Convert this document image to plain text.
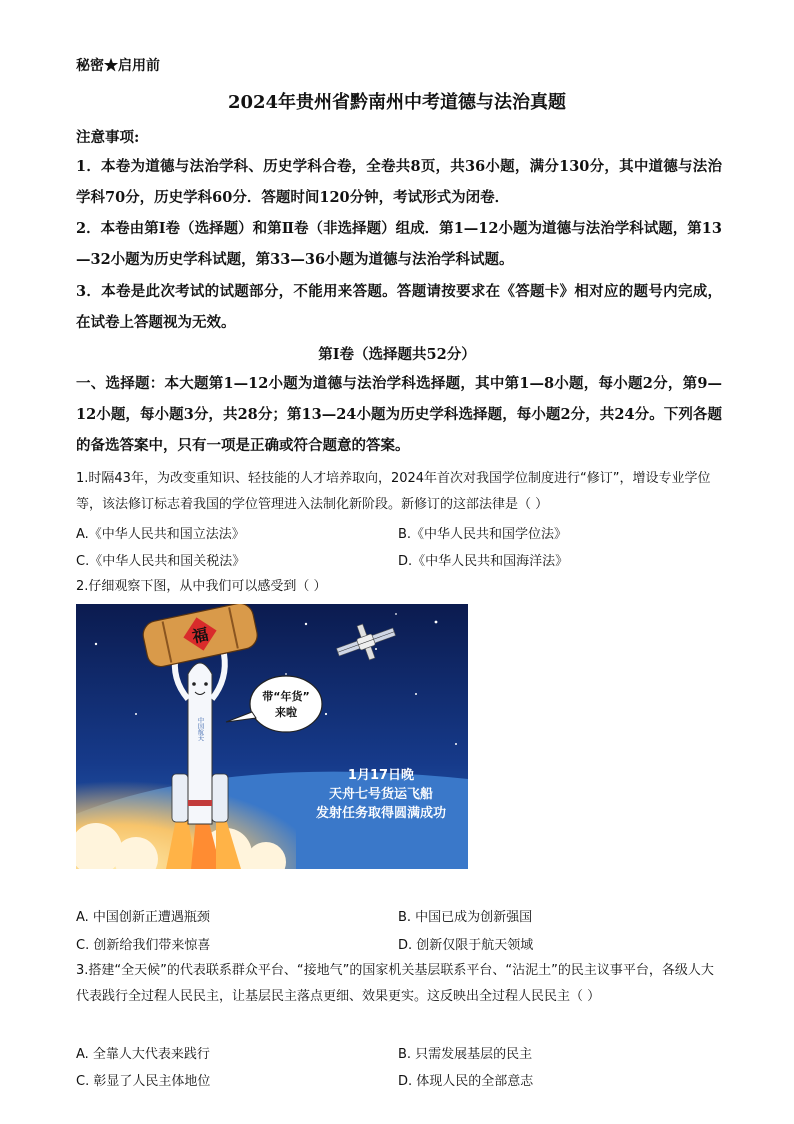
秘密★启用前
2024年贵州省黔南州中考道德与法治真题
注意事项:
1．本卷为道德与法治学科、历史学科合卷，全卷共8页，共36小题，满分130分，其中道德与法治学科70分，历史学科60分．答题时间120分钟，考试形式为闭卷．
2．本卷由第Ⅰ卷（选择题）和第Ⅱ卷（非选择题）组成．第1—12小题为道德与法治学科试题，第13—32小题为历史学科试题，第33—36小题为道德与法治学科试题。
3．本卷是此次考试的试题部分，不能用来答题。答题请按要求在《答题卡》相对应的题号内完成，在试卷上答题视为无效。
第Ⅰ卷（选择题共52分）
一、选择题：本大题第1—12小题为道德与法治学科选择题，其中第1—8小题，每小题2分，第9—12小题，每小题3分，共28分；第13—24小题为历史学科选择题，每小题2分，共24分。下列各题的备选答案中，只有一项是正确或符合题意的答案。
1.时隔43年，为改变重知识、轻技能的人才培养取向，2024年首次对我国学位制度进行“修订”，增设专业学位等，该法修订标志着我国的学位管理进入法制化新阶段。新修订的这部法律是（ ）
A.《中华人民共和国立法法》	B.《中华人民共和国学位法》
C.《中华人民共和国关税法》	D.《中华人民共和国海洋法》
2.仔细观察下图，从中我们可以感受到（ ）
中国航天
福
带“年货”
来啦
1月17日晚
天舟七号货运飞船
发射任务取得圆满成功
A. 中国创新正遭遇瓶颈	B. 中国已成为创新强国
C. 创新给我们带来惊喜	D. 创新仅限于航天领域
3.搭建“全天候”的代表联系群众平台、“接地气”的国家机关基层联系平台、“沾泥土”的民主议事平台，各级人大代表践行全过程人民民主，让基层民主落点更细、效果更实。这反映出全过程人民民主（ ）
A. 全靠人大代表来践行	B. 只需发展基层的民主
C. 彰显了人民主体地位	D. 体现人民的全部意志
